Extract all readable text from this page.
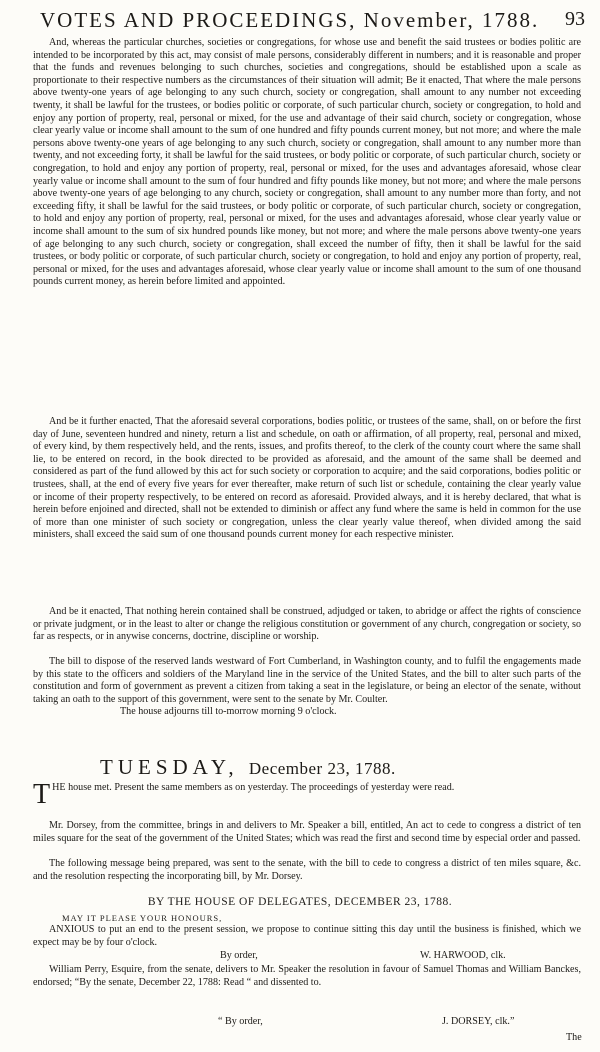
VOTES AND PROCEEDINGS, November, 1788. 93

And, whereas the particular churches, societies or congregations, for whose use and benefit the said trustees or bodies politic are intended to be incorporated by this act, may consist of male persons, considerably different in numbers; and it is reasonable and proper that the funds and revenues belonging to such churches, societies and congregations, should be established upon a scale as proportionate to their respective numbers as the circumstances of their situation will admit; Be it enacted, That where the male persons above twenty-one years of age belonging to any such church, society or congregation, shall amount to any number not exceeding twenty, it shall be lawful for the trustees, or bodies politic or corporate, of such particular church, society or congregation, to hold and enjoy any portion of property, real, personal or mixed, for the use and advantage of their said church, society or congregation, whose clear yearly value or income shall amount to the sum of one hundred and fifty pounds current money, but not more; and where the male persons above twenty-one years of age belonging to any such church, society or congregation, shall amount to any number more than twenty, and not exceeding forty, it shall be lawful for the said trustees, or body politic or corporate, of such particular church, society or congregation, to hold and enjoy any portion of property, real, personal or mixed, for the uses and advantages aforesaid, whose clear yearly value or income shall amount to the sum of four hundred and fifty pounds like money, but not more; and where the male persons above twenty-one years of age belonging to any church, society or congregation, shall amount to any number more than forty, and not exceeding fifty, it shall be lawful for the said trustees, or body politic or corporate, of such particular church, society or congregation, to hold and enjoy any portion of property, real, personal or mixed, for the uses and advantages aforesaid, whose clear yearly value or income shall amount to the sum of six hundred pounds like money, but not more; and where the male persons above twenty-one years of age belonging to any such church, society or congregation, shall exceed the number of fifty, then it shall be lawful for the said trustees, or body politic or corporate, of such particular church, society or congregation, to hold and enjoy any portion of property, real, personal or mixed, for the uses and advantages aforesaid, whose clear yearly value or income shall amount to the sum of one thousand pounds current money, as herein before limited and appointed.

And be it further enacted, That the aforesaid several corporations, bodies politic, or trustees of the same, shall, on or before the first day of June, seventeen hundred and ninety, return a list and schedule, on oath or affirmation, of all property, real, personal and mixed, of every kind, by them respectively held, and the rents, issues, and profits thereof, to the clerk of the county court where the same shall lie, to be entered on record, in the book directed to be provided as aforesaid, and the amount of the same shall be deemed and considered as part of the fund allowed by this act for such society or corporation to acquire; and the said corporations, bodies politic or trustees, shall, at the end of every five years for ever thereafter, make return of such list or schedule, containing the clear yearly value or income of their property respectively, to be entered on record as aforesaid. Provided always, and it is hereby declared, that what is herein before enjoined and directed, shall not be extended to diminish or affect any fund where the same is held in common for the use of more than one minister of such society or congregation, unless the clear yearly value thereof, when divided among the said ministers, shall exceed the said sum of one thousand pounds current money for each respective minister.

And be it enacted, That nothing herein contained shall be construed, adjudged or taken, to abridge or affect the rights of conscience or private judgment, or in the least to alter or change the religious constitution or government of any church, congregation or society, so far as respects, or in anywise concerns, doctrine, discipline or worship.

The bill to dispose of the reserved lands westward of Fort Cumberland, in Washington county, and to fulfil the engagements made by this state to the officers and soldiers of the Maryland line in the service of the United States, and the bill to alter such parts of the constitution and form of government as prevent a citizen from taking a seat in the legislature, or being an elector of the senate, without taking an oath to the support of this government, were sent to the senate by Mr. Coulter.

The house adjourns till to-morrow morning 9 o'clock.

TUESDAY, December 23, 1788.
T HE house met. Present the same members as on yesterday. The proceedings of yesterday were read.

Mr. Dorsey, from the committee, brings in and delivers to Mr. Speaker a bill, entitled, An act to cede to congress a district of ten miles square for the seat of the government of the United States; which was read the first and second time by especial order and passed.

The following message being prepared, was sent to the senate, with the bill to cede to congress a district of ten miles square, &c. and the resolution respecting the incorporating bill, by Mr. Dorsey.

BY THE HOUSE OF DELEGATES, DECEMBER 23, 1788.
MAY IT PLEASE YOUR HONOURS,

ANXIOUS to put an end to the present session, we propose to continue sitting this day until the business is finished, which we expect may be by four o'clock.

By order,	W. HARWOOD, clk.

William Perry, Esquire, from the senate, delivers to Mr. Speaker the resolution in favour of Samuel Thomas and William Banckes, endorsed; “By the senate, December 22, 1788: Read “ and dissented to.

“ By order,	J. DORSEY, clk.”
The
